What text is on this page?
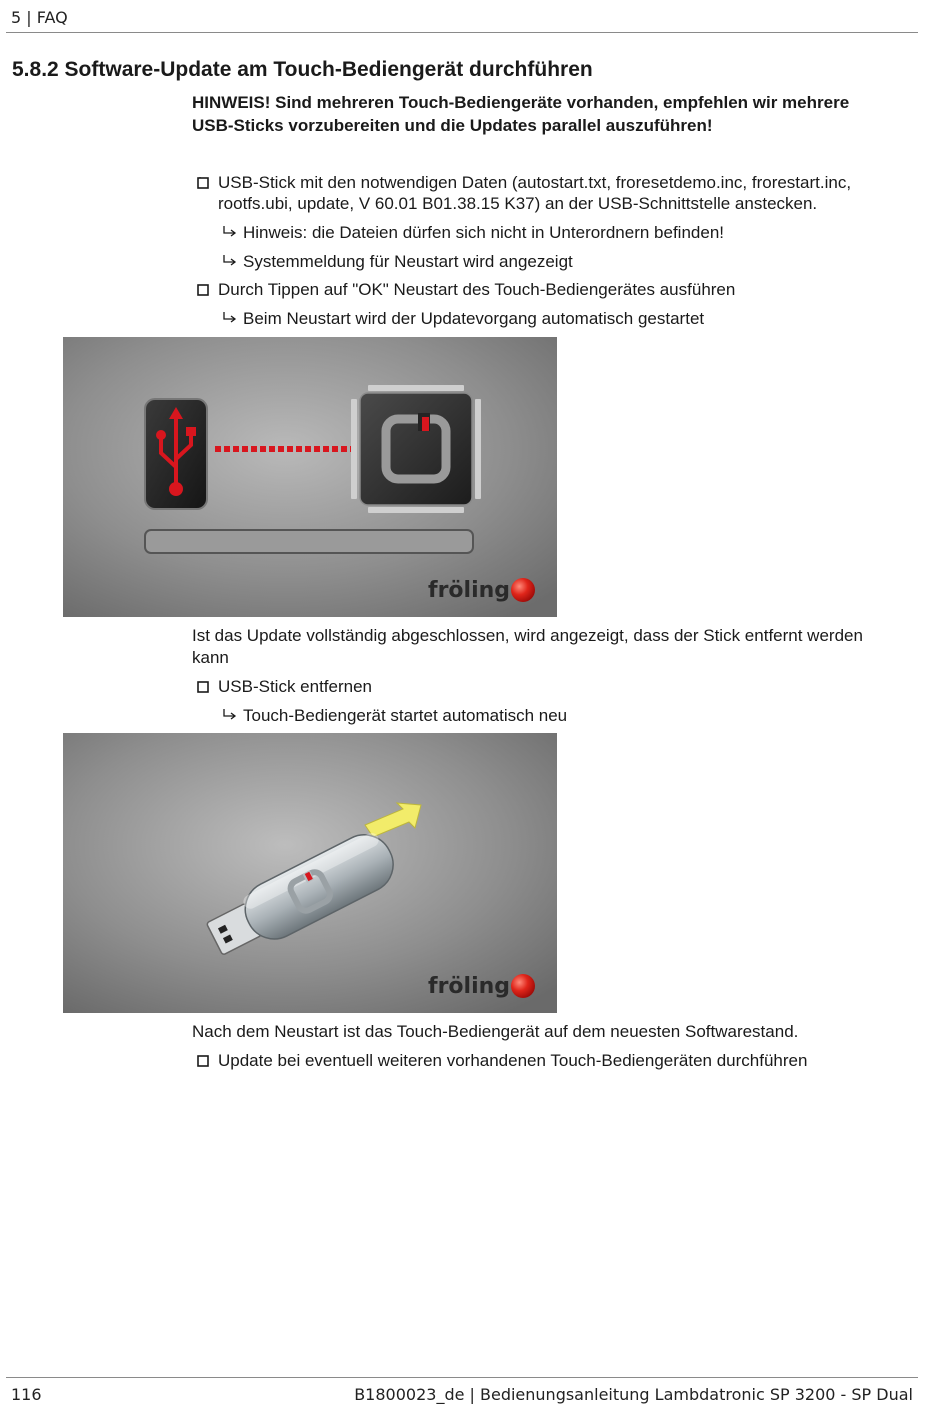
5 | FAQ
5.8.2 Software-Update am Touch-Bediengerät durchführen
HINWEIS! Sind mehreren Touch-Bediengeräte vorhanden, empfehlen wir mehrere
USB-Sticks vorzubereiten und die Updates parallel auszuführen!
USB-Stick mit den notwendigen Daten (autostart.txt, froresetdemo.inc, frorestart.inc,
rootfs.ubi, update, V 60.01 B01.38.15 K37) an der USB-Schnittstelle anstecken.
Hinweis: die Dateien dürfen sich nicht in Unterordnern befinden!
Systemmeldung für Neustart wird angezeigt
Durch Tippen auf "OK" Neustart des Touch-Bediengerätes ausführen
Beim Neustart wird der Updatevorgang automatisch gestartet
fröling
Ist das Update vollständig abgeschlossen, wird angezeigt, dass der Stick entfernt werden
kann
USB-Stick entfernen
Touch-Bediengerät startet automatisch neu
fröling
Nach dem Neustart ist das Touch-Bediengerät auf dem neuesten Softwarestand.
Update bei eventuell weiteren vorhandenen Touch-Bediengeräten durchführen
116	B1800023_de | Bedienungsanleitung Lambdatronic SP 3200 - SP Dual
